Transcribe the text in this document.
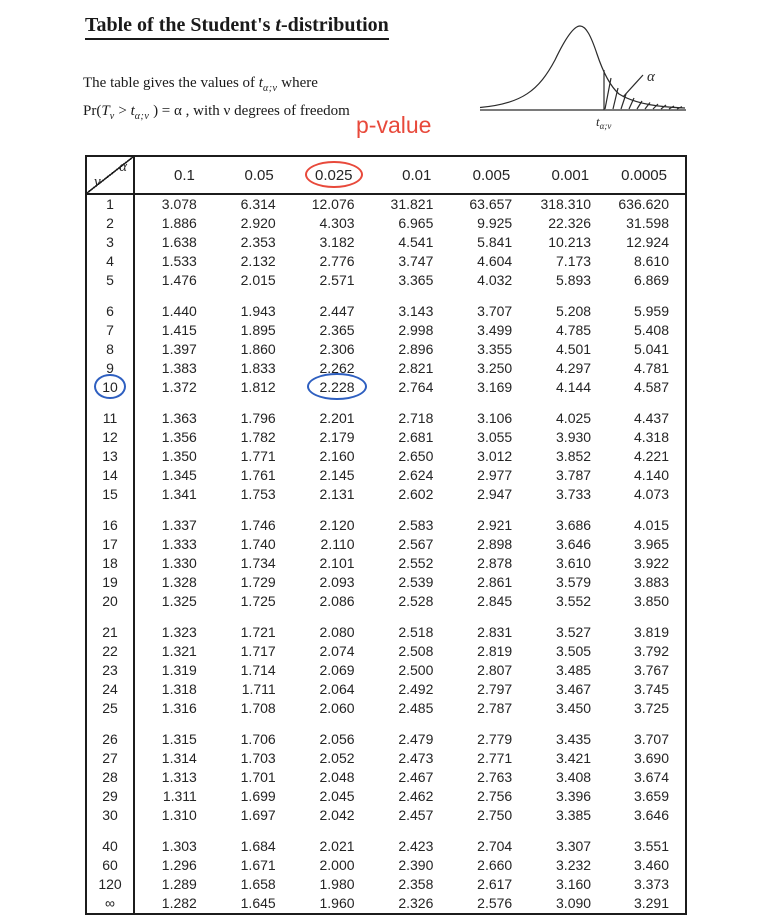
Table of the Student's t-distribution

The table gives the values of $t_{\alpha;\nu}$ where

$Pr(T_\nu > t_{\alpha;\nu}$ ) = α , with ν degrees of freedom

α
$t_{\alpha;\nu}$
p-value
α
ν	0.1	0.05	0.025	0.01	0.005	0.001	0.0005
1	3.078	6.314	12.076	31.821	63.657	318.310	636.620
2	1.886	2.920	4.303	6.965	9.925	22.326	31.598
3	1.638	2.353	3.182	4.541	5.841	10.213	12.924
4	1.533	2.132	2.776	3.747	4.604	7.173	8.610
5	1.476	2.015	2.571	3.365	4.032	5.893	6.869

6	1.440	1.943	2.447	3.143	3.707	5.208	5.959
7	1.415	1.895	2.365	2.998	3.499	4.785	5.408
8	1.397	1.860	2.306	2.896	3.355	4.501	5.041
9	1.383	1.833	2.262	2.821	3.250	4.297	4.781
10	1.372	1.812	2.228	2.764	3.169	4.144	4.587

11	1.363	1.796	2.201	2.718	3.106	4.025	4.437
12	1.356	1.782	2.179	2.681	3.055	3.930	4.318
13	1.350	1.771	2.160	2.650	3.012	3.852	4.221
14	1.345	1.761	2.145	2.624	2.977	3.787	4.140
15	1.341	1.753	2.131	2.602	2.947	3.733	4.073

16	1.337	1.746	2.120	2.583	2.921	3.686	4.015
17	1.333	1.740	2.110	2.567	2.898	3.646	3.965
18	1.330	1.734	2.101	2.552	2.878	3.610	3.922
19	1.328	1.729	2.093	2.539	2.861	3.579	3.883
20	1.325	1.725	2.086	2.528	2.845	3.552	3.850

21	1.323	1.721	2.080	2.518	2.831	3.527	3.819
22	1.321	1.717	2.074	2.508	2.819	3.505	3.792
23	1.319	1.714	2.069	2.500	2.807	3.485	3.767
24	1.318	1.711	2.064	2.492	2.797	3.467	3.745
25	1.316	1.708	2.060	2.485	2.787	3.450	3.725

26	1.315	1.706	2.056	2.479	2.779	3.435	3.707
27	1.314	1.703	2.052	2.473	2.771	3.421	3.690
28	1.313	1.701	2.048	2.467	2.763	3.408	3.674
29	1.311	1.699	2.045	2.462	2.756	3.396	3.659
30	1.310	1.697	2.042	2.457	2.750	3.385	3.646

40	1.303	1.684	2.021	2.423	2.704	3.307	3.551
60	1.296	1.671	2.000	2.390	2.660	3.232	3.460
120	1.289	1.658	1.980	2.358	2.617	3.160	3.373
∞	1.282	1.645	1.960	2.326	2.576	3.090	3.291
